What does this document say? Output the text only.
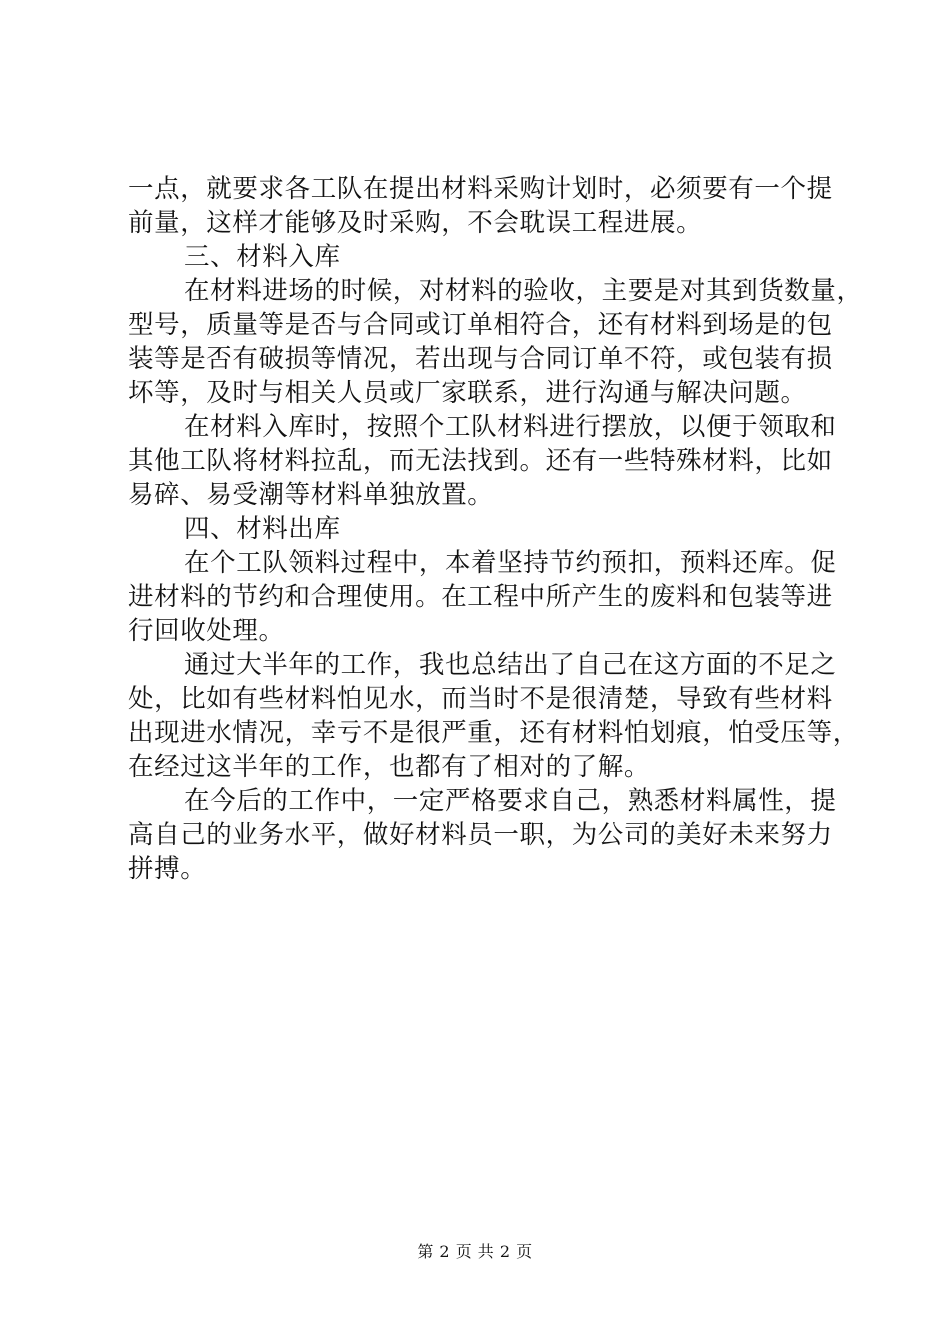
一点，就要求各工队在提出材料采购计划时，必须要有一个提
前量，这样才能够及时采购，不会耽误工程进展。
三、材料入库
在材料进场的时候，对材料的验收，主要是对其到货数量，
型号，质量等是否与合同或订单相符合，还有材料到场是的包
装等是否有破损等情况，若出现与合同订单不符，或包装有损
坏等，及时与相关人员或厂家联系，进行沟通与解决问题。
在材料入库时，按照个工队材料进行摆放，以便于领取和
其他工队将材料拉乱，而无法找到。还有一些特殊材料，比如
易碎、易受潮等材料单独放置。
四、材料出库
在个工队领料过程中，本着坚持节约预扣，预料还库。促
进材料的节约和合理使用。在工程中所产生的废料和包装等进
行回收处理。
通过大半年的工作，我也总结出了自己在这方面的不足之
处，比如有些材料怕见水，而当时不是很清楚，导致有些材料
出现进水情况，幸亏不是很严重，还有材料怕划痕，怕受压等，
在经过这半年的工作，也都有了相对的了解。
在今后的工作中，一定严格要求自己，熟悉材料属性，提
高自己的业务水平，做好材料员一职，为公司的美好未来努力
拼搏。
第 2 页 共 2 页
